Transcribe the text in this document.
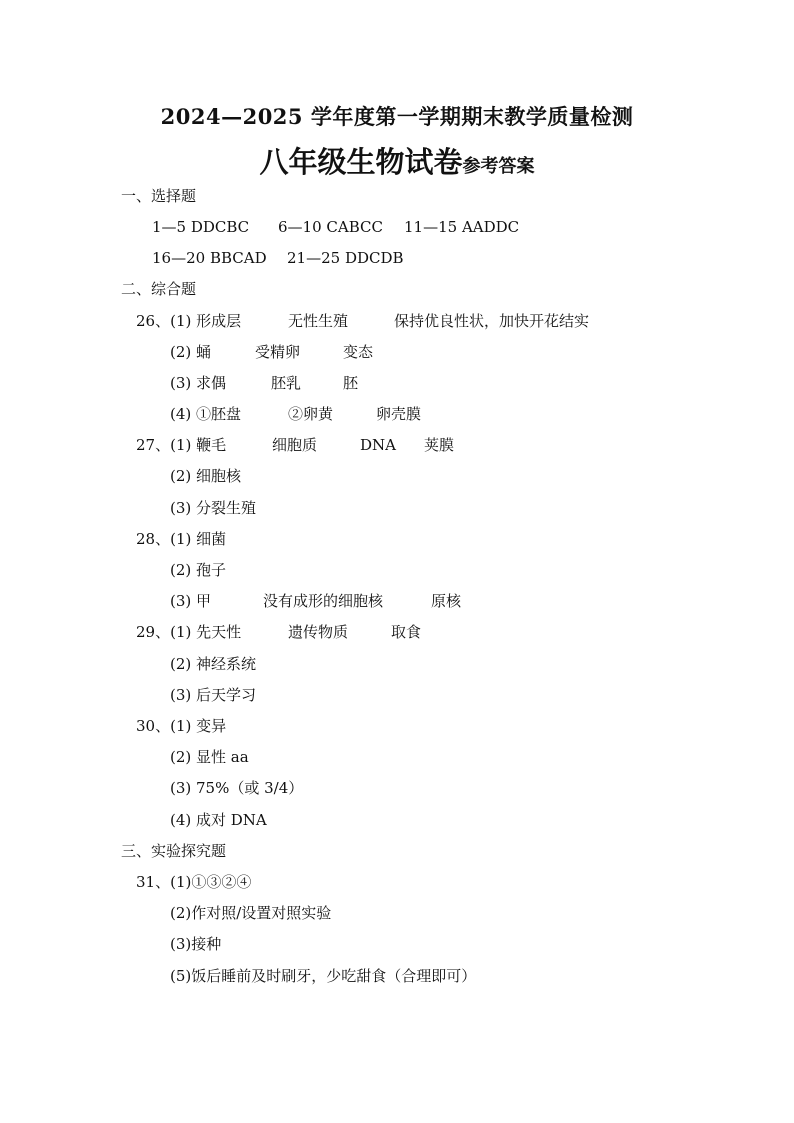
2024—2025 学年度第一学期期末教学质量检测
八年级生物试卷参考答案
一、选择题
1—5 DDCBC 6—10 CABCC 11—15 AADDC
16—20 BBCAD 21—25 DDCDB
二、综合题
26、(1) 形成层	无性生殖	保持优良性状，加快开花结实
(2) 蛹	受精卵	变态
(3) 求偶	胚乳	胚
(4) ①胚盘	②卵黄	卵壳膜
27、(1) 鞭毛	细胞质	DNA 荚膜
(2) 细胞核
(3) 分裂生殖
28、(1) 细菌
(2) 孢子
(3) 甲	没有成形的细胞核	原核
29、(1) 先天性	遗传物质	取食
(2) 神经系统
(3) 后天学习
30、(1) 变异
(2) 显性 aa
(3) 75%（或 3/4）
(4) 成对 DNA
三、实验探究题
31、(1)①③②④
(2)作对照/设置对照实验
(3)接种
(5)饭后睡前及时刷牙，少吃甜食（合理即可）
